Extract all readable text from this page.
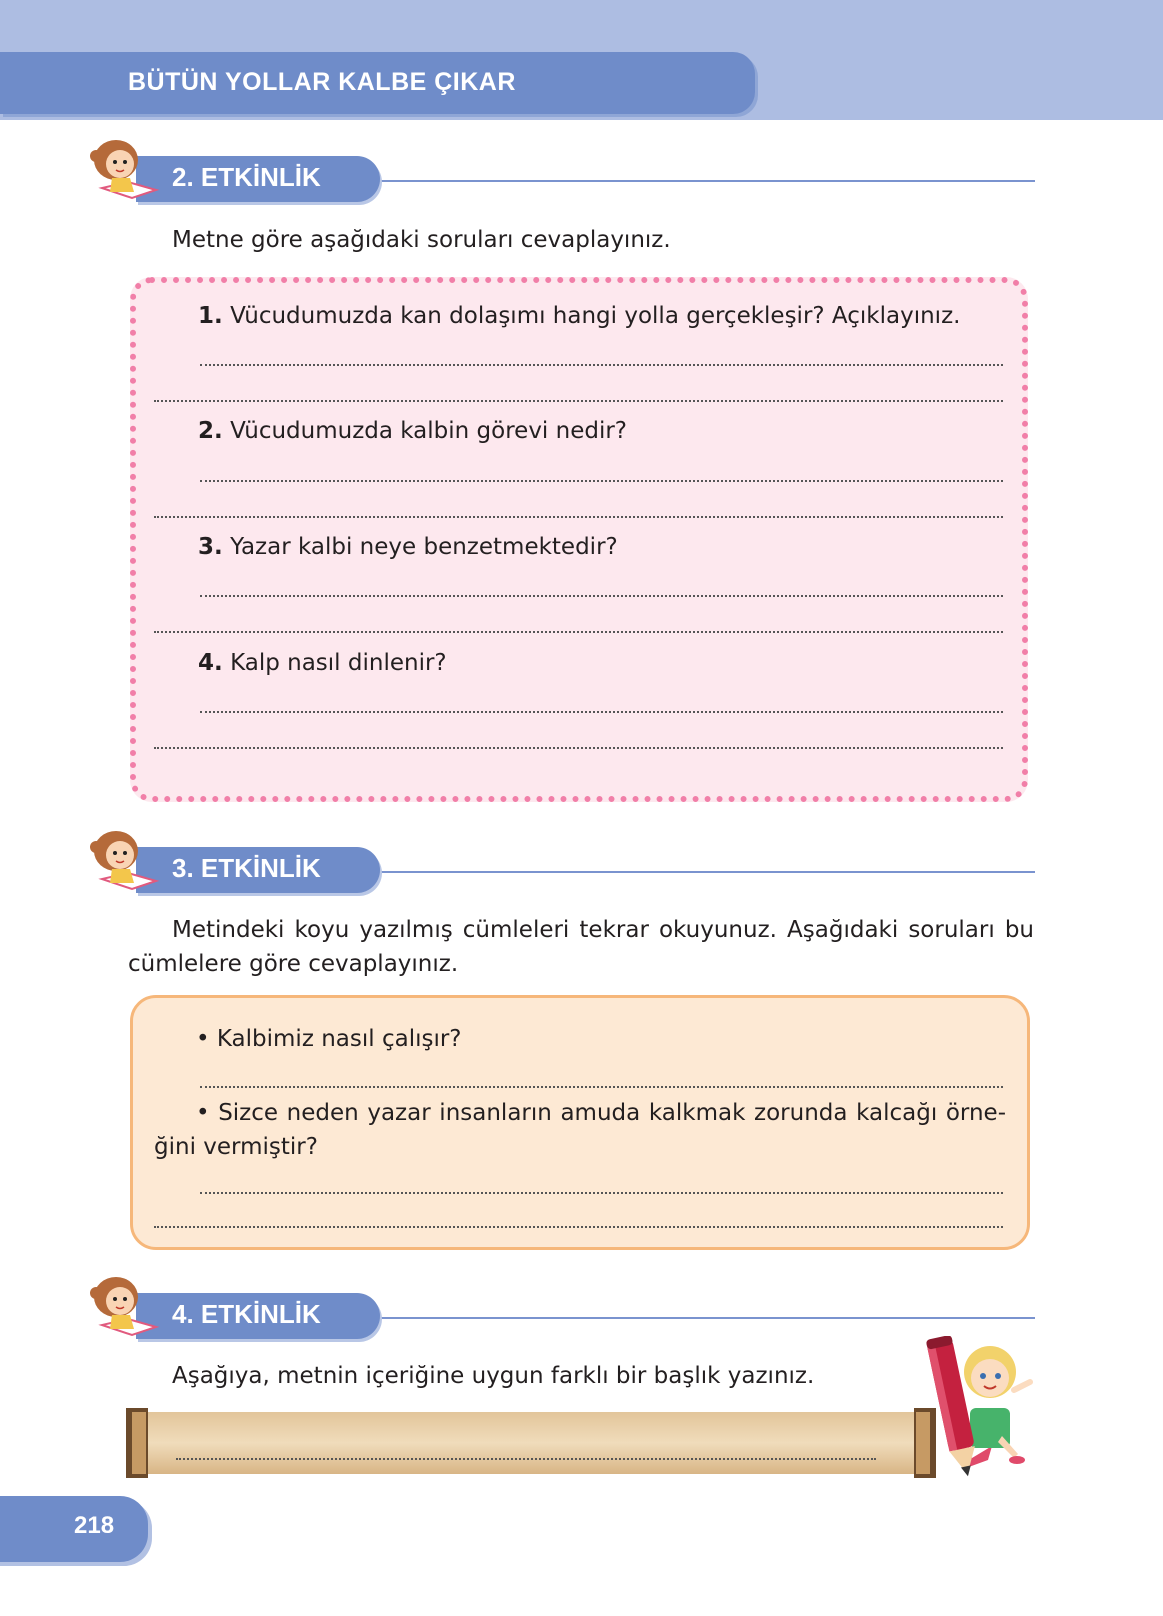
BÜTÜN YOLLAR KALBE ÇIKAR
2. ETKİNLİK
Metne göre aşağıdaki soruları cevaplayınız.
1. Vücudumuzda kan dolaşımı hangi yolla gerçekleşir? Açıklayınız.
2. Vücudumuzda kalbin görevi nedir?
3. Yazar kalbi neye benzetmektedir?
4. Kalp nasıl dinlenir?
3. ETKİNLİK
Metindeki koyu yazılmış cümleleri tekrar okuyunuz. Aşağıdaki soruları bu
cümlelere göre cevaplayınız.
• Kalbimiz nasıl çalışır?
• Sizce neden yazar insanların amuda kalkmak zorunda kalcağı örne-
ğini vermiştir?
4. ETKİNLİK
Aşağıya, metnin içeriğine uygun farklı bir başlık yazınız.
218
